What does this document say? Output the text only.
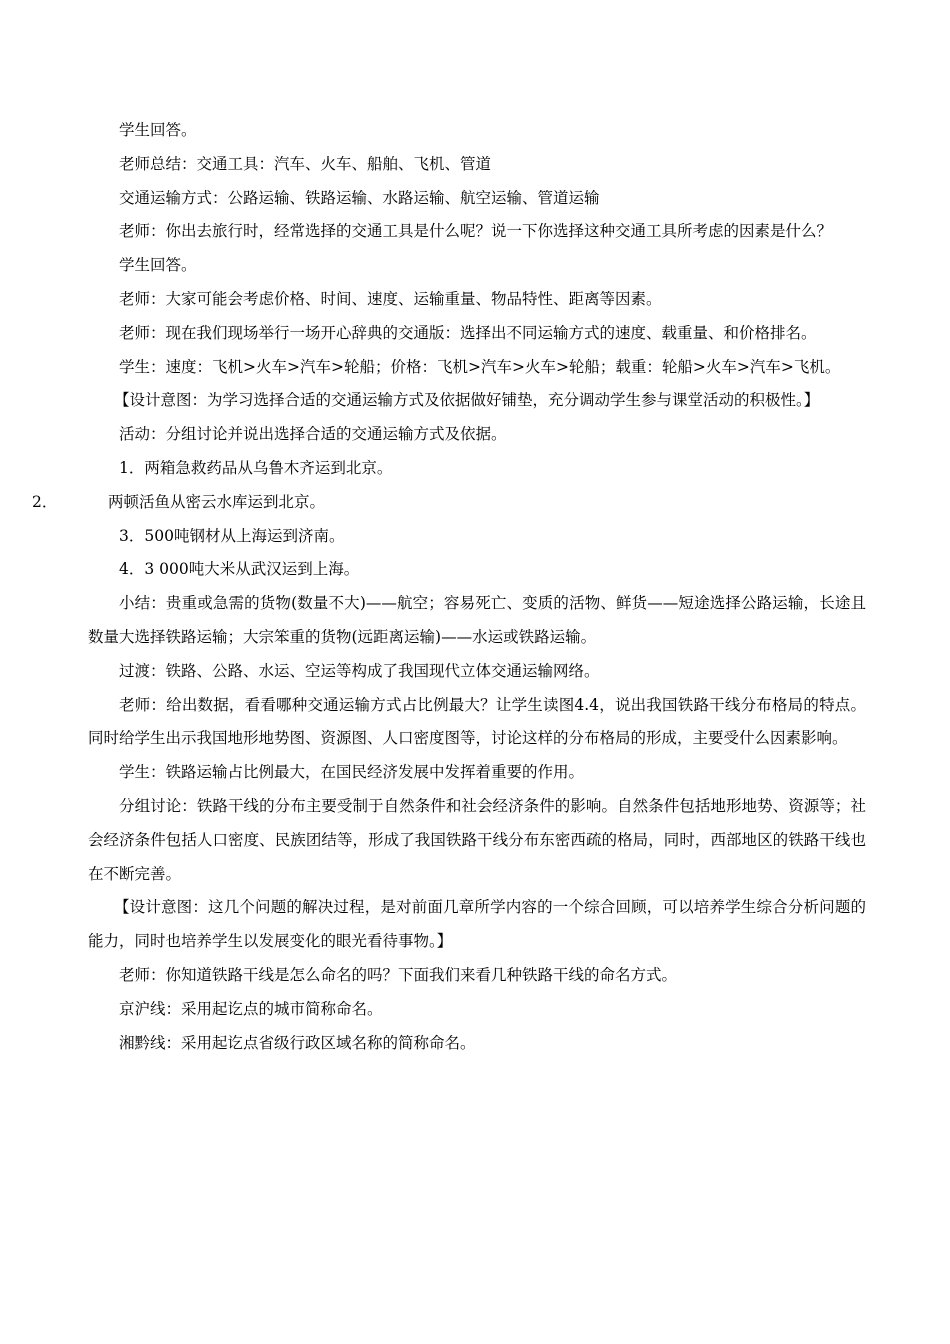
学生回答。

老师总结：交通工具：汽车、火车、船舶、飞机、管道

交通运输方式：公路运输、铁路运输、水路运输、航空运输、管道运输

老师：你出去旅行时，经常选择的交通工具是什么呢？说一下你选择这种交通工具所考虑的因素是什么？

学生回答。

老师：大家可能会考虑价格、时间、速度、运输重量、物品特性、距离等因素。

老师：现在我们现场举行一场开心辞典的交通版：选择出不同运输方式的速度、载重量、和价格排名。

学生：速度：飞机>火车>汽车>轮船；价格：飞机>汽车>火车>轮船；载重：轮船>火车>汽车>飞机。

【设计意图：为学习选择合适的交通运输方式及依据做好铺垫，充分调动学生参与课堂活动的积极性。】

活动：分组讨论并说出选择合适的交通运输方式及依据。

1．两箱急救药品从乌鲁木齐运到北京。

2．	两顿活鱼从密云水库运到北京。

3．500吨钢材从上海运到济南。

4．3 000吨大米从武汉运到上海。

小结：贵重或急需的货物(数量不大)——航空；容易死亡、变质的活物、鲜货——短途选择公路运输，长途且数量大选择铁路运输；大宗笨重的货物(远距离运输)——水运或铁路运输。

过渡：铁路、公路、水运、空运等构成了我国现代立体交通运输网络。

老师：给出数据，看看哪种交通运输方式占比例最大？让学生读图4.4，说出我国铁路干线分布格局的特点。同时给学生出示我国地形地势图、资源图、人口密度图等，讨论这样的分布格局的形成，主要受什么因素影响。

学生：铁路运输占比例最大，在国民经济发展中发挥着重要的作用。

分组讨论：铁路干线的分布主要受制于自然条件和社会经济条件的影响。自然条件包括地形地势、资源等；社会经济条件包括人口密度、民族团结等，形成了我国铁路干线分布东密西疏的格局，同时，西部地区的铁路干线也在不断完善。

【设计意图：这几个问题的解决过程，是对前面几章所学内容的一个综合回顾，可以培养学生综合分析问题的能力，同时也培养学生以发展变化的眼光看待事物。】

老师：你知道铁路干线是怎么命名的吗？下面我们来看几种铁路干线的命名方式。

京沪线：采用起讫点的城市简称命名。

湘黔线：采用起讫点省级行政区域名称的简称命名。
